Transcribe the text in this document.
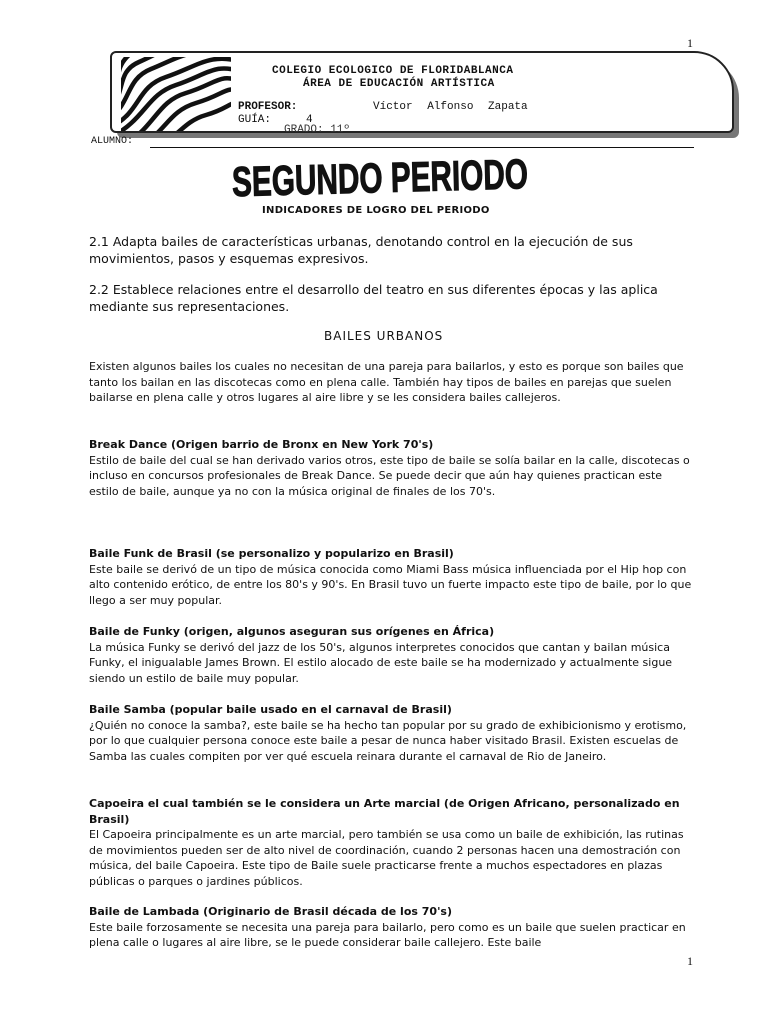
1
COLEGIO ECOLOGICO DE FLORIDABLANCA
ÁREA DE EDUCACIÓN ARTÍSTICA
PROFESOR:	Víctor Alfonso Zapata
GUÍA:	4
GRADO: 11º
ALUMNO:
SEGUNDO PERIODO
INDICADORES DE LOGRO DEL PERIODO
2.1 Adapta bailes de características urbanas, denotando control en la ejecución de sus movimientos, pasos y esquemas expresivos.
2.2 Establece relaciones entre el desarrollo del teatro en sus diferentes épocas y las aplica mediante sus representaciones.
BAILES URBANOS
Existen algunos bailes los cuales no necesitan de una pareja para bailarlos, y esto es porque son bailes que tanto los bailan en las discotecas como en plena calle. También hay tipos de bailes en parejas que suelen bailarse en plena calle y otros lugares al aire libre y se les considera bailes callejeros.
Break Dance (Origen barrio de Bronx en New York 70's)
Estilo de baile del cual se han derivado varios otros, este tipo de baile se solía bailar en la calle, discotecas o incluso en concursos profesionales de Break Dance. Se puede decir que aún hay quienes practican este estilo de baile, aunque ya no con la música original de finales de los 70's.
Baile Funk de Brasil (se personalizo y popularizo en Brasil)
Este baile se derivó de un tipo de música conocida como Miami Bass música influenciada por el Hip hop con alto contenido erótico, de entre los 80's y 90's. En Brasil tuvo un fuerte impacto este tipo de baile, por lo que llego a ser muy popular.
Baile de Funky (origen, algunos aseguran sus orígenes en África)
La música Funky se derivó del jazz de los 50's, algunos interpretes conocidos que cantan y bailan música Funky, el inigualable James Brown. El estilo alocado de este baile se ha modernizado y actualmente sigue siendo un estilo de baile muy popular.
Baile Samba (popular baile usado en el carnaval de Brasil)
¿Quién no conoce la samba?, este baile se ha hecho tan popular por su grado de exhibicionismo y erotismo, por lo que cualquier persona conoce este baile a pesar de nunca haber visitado Brasil. Existen escuelas de Samba las cuales compiten por ver qué escuela reinara durante el carnaval de Rio de Janeiro.
Capoeira el cual también se le considera un Arte marcial (de Origen Africano, personalizado en Brasil)
El Capoeira principalmente es un arte marcial, pero también se usa como un baile de exhibición, las rutinas de movimientos pueden ser de alto nivel de coordinación, cuando 2 personas hacen una demostración con música, del baile Capoeira. Este tipo de Baile suele practicarse frente a muchos espectadores en plazas públicas o parques o jardines públicos.
Baile de Lambada (Originario de Brasil década de los 70's)
Este baile forzosamente se necesita una pareja para bailarlo, pero como es un baile que suelen practicar en plena calle o lugares al aire libre, se le puede considerar baile callejero. Este baile
1
